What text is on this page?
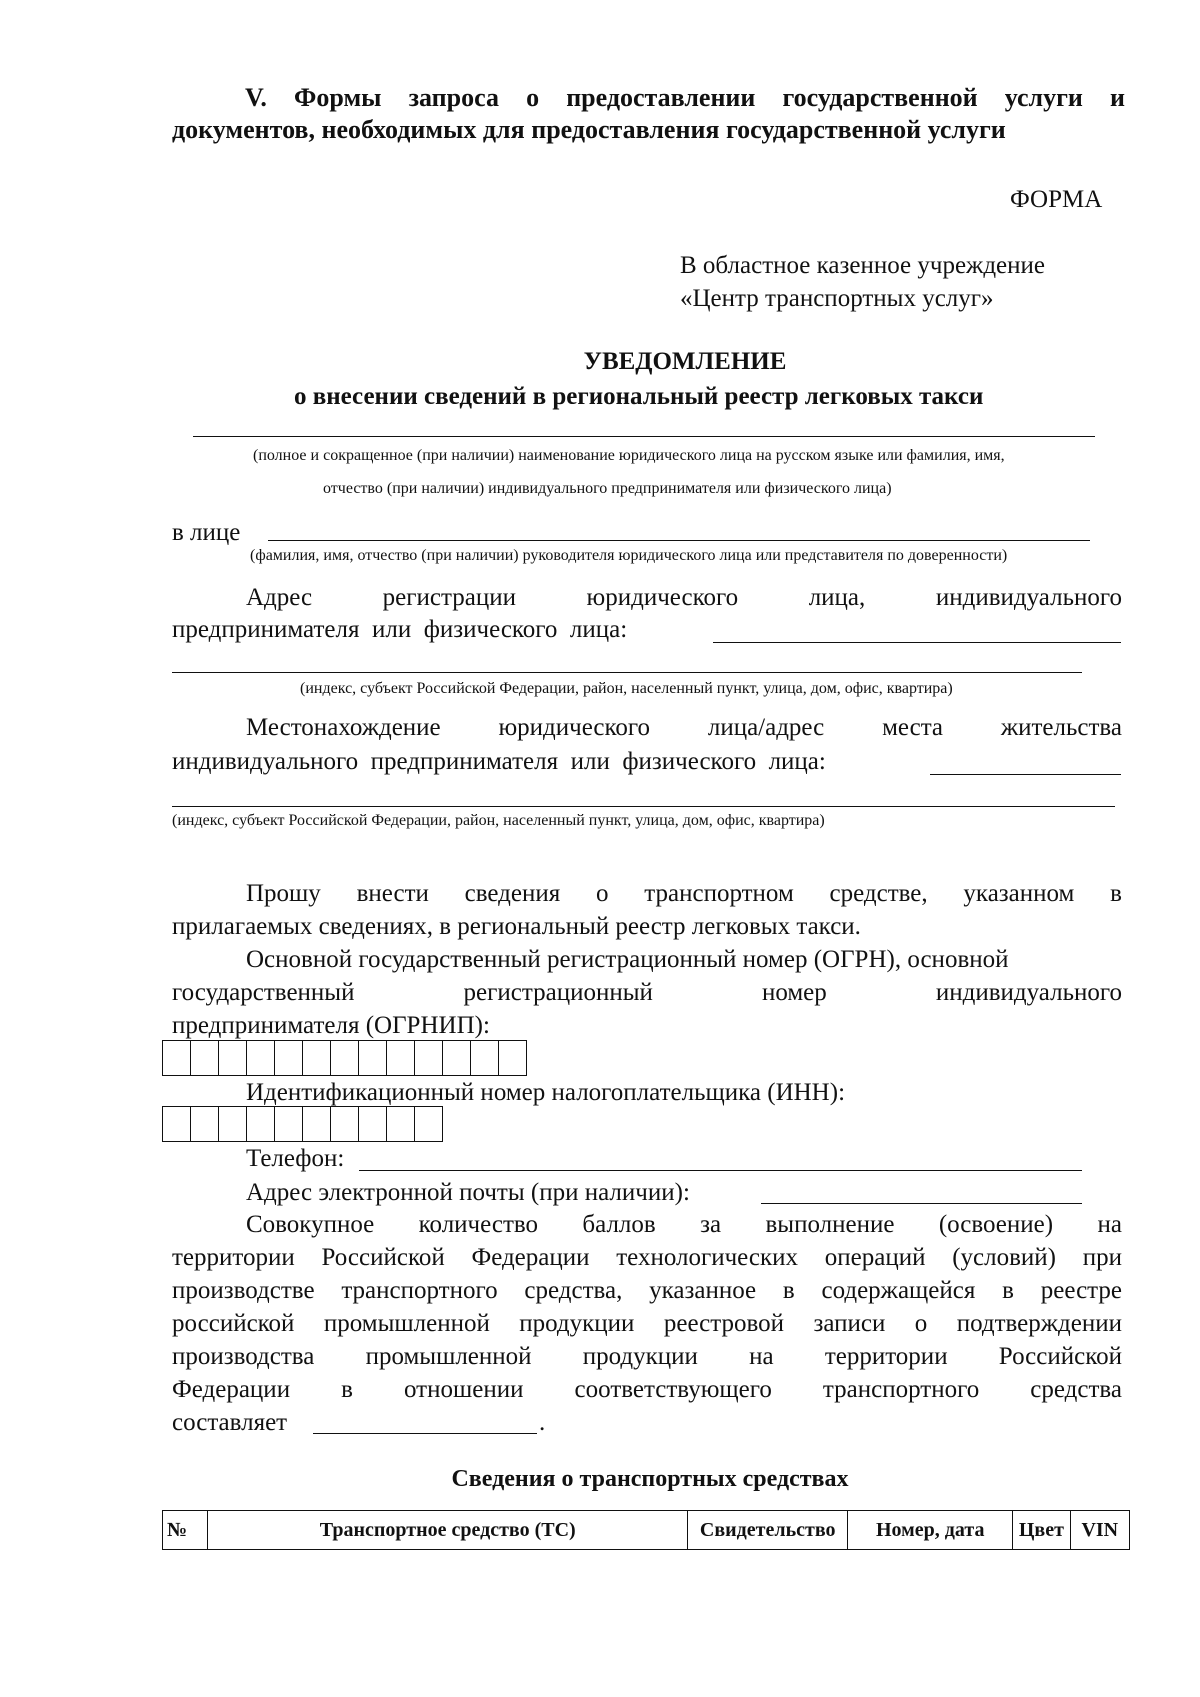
V. Формы запроса о предоставлении государственной услуги и
документов, необходимых для предоставления государственной услуги
ФОРМА
В областное казенное учреждение
«Центр транспортных услуг»
УВЕДОМЛЕНИЕ
о внесении сведений в региональный реестр легковых такси
(полное и сокращенное (при наличии) наименование юридического лица на русском языке или фамилия, имя,
отчество (при наличии) индивидуального предпринимателя или физического лица)
в лице
(фамилия, имя, отчество (при наличии) руководителя юридического лица или представителя по доверенности)
Адрес	регистрации	юридического	лица,	индивидуального
предпринимателя  или  физического  лица:
(индекс, субъект Российской Федерации, район, населенный пункт, улица, дом, офис, квартира)
Местонахождение юридического лица/адрес места жительства
индивидуального  предпринимателя  или  физического  лица:
(индекс, субъект Российской Федерации, район, населенный пункт, улица, дом, офис, квартира)
Прошу внести сведения о транспортном средстве, указанном в
прилагаемых сведениях, в региональный реестр легковых такси.
Основной государственный регистрационный номер (ОГРН), основной
государственный	регистрационный	номер	индивидуального
предпринимателя (ОГРНИП):
Идентификационный номер налогоплательщика (ИНН):
Телефон:
Адрес электронной почты (при наличии):
Совокупное количество баллов за выполнение (освоение) на
территории Российской Федерации технологических операций (условий) при
производстве транспортного средства, указанное в содержащейся в реестре
российской промышленной продукции реестровой записи о подтверждении
производства промышленной продукции на территории Российской
Федерации в отношении соответствующего транспортного средства
составляет	.
Сведения о транспортных средствах
№	Транспортное средство (ТС)	Свидетельство	Номер, дата	Цвет	VIN
